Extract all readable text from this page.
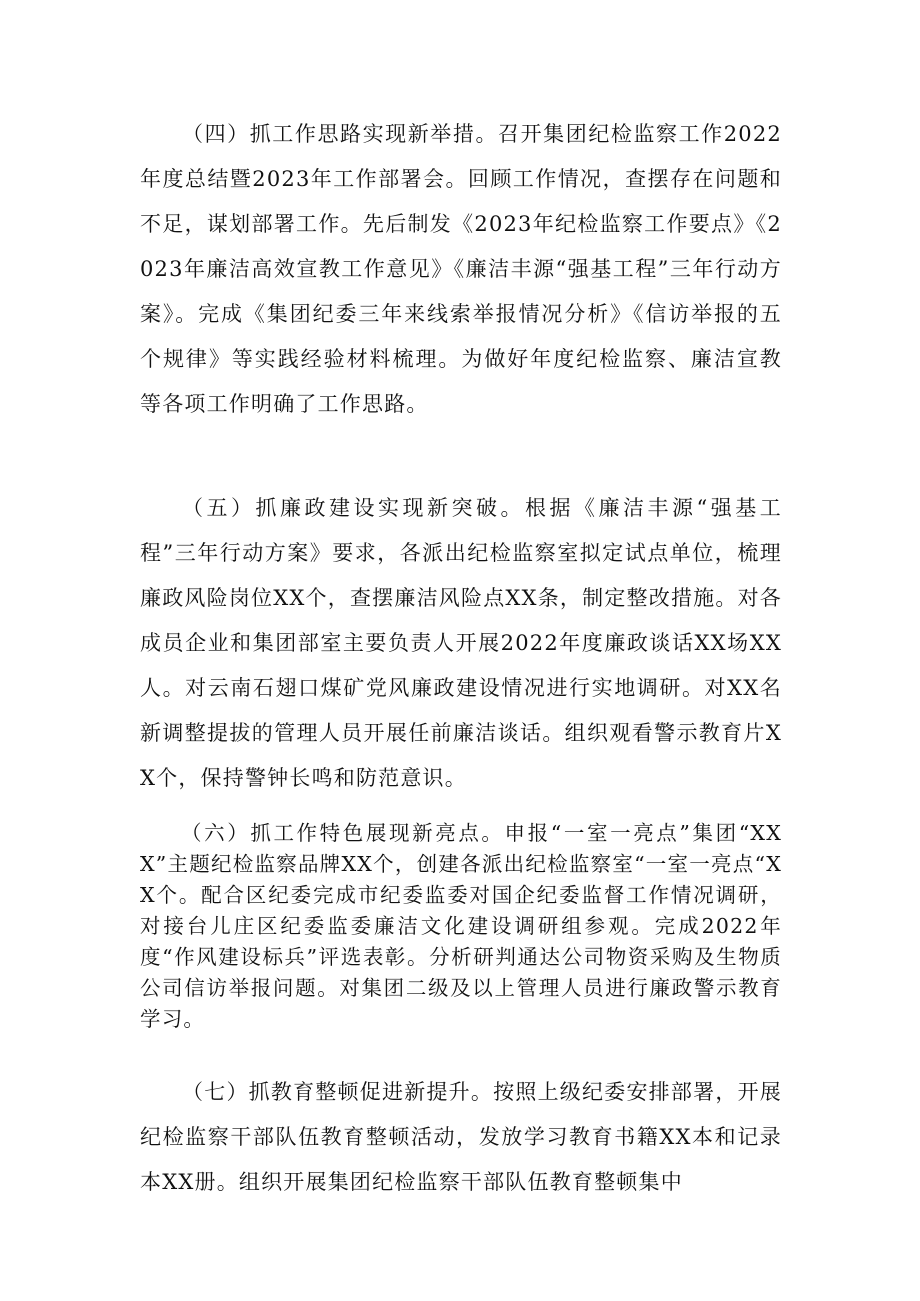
（四）抓工作思路实现新举措。召开集团纪检监察工作2022年度总结暨2023年工作部署会。回顾工作情况，查摆存在问题和不足，谋划部署工作。先后制发《2023年纪检监察工作要点》《2023年廉洁高效宣教工作意见》《廉洁丰源“强基工程”三年行动方案》。完成《集团纪委三年来线索举报情况分析》《信访举报的五个规律》等实践经验材料梳理。为做好年度纪检监察、廉洁宣教等各项工作明确了工作思路。

（五）抓廉政建设实现新突破。根据《廉洁丰源“强基工程”三年行动方案》要求，各派出纪检监察室拟定试点单位，梳理廉政风险岗位XX个，查摆廉洁风险点XX条，制定整改措施。对各成员企业和集团部室主要负责人开展2022年度廉政谈话XX场XX人。对云南石翅口煤矿党风廉政建设情况进行实地调研。对XX名新调整提拔的管理人员开展任前廉洁谈话。组织观看警示教育片XX个，保持警钟长鸣和防范意识。

（六）抓工作特色展现新亮点。申报“一室一亮点”集团“XXX”主题纪检监察品牌XX个，创建各派出纪检监察室“一室一亮点“XX个。配合区纪委完成市纪委监委对国企纪委监督工作情况调研，对接台儿庄区纪委监委廉洁文化建设调研组参观。完成2022年度“作风建设标兵”评选表彰。分析研判通达公司物资采购及生物质公司信访举报问题。对集团二级及以上管理人员进行廉政警示教育学习。

（七）抓教育整顿促进新提升。按照上级纪委安排部署，开展纪检监察干部队伍教育整顿活动，发放学习教育书籍XX本和记录本XX册。组织开展集团纪检监察干部队伍教育整顿集中
